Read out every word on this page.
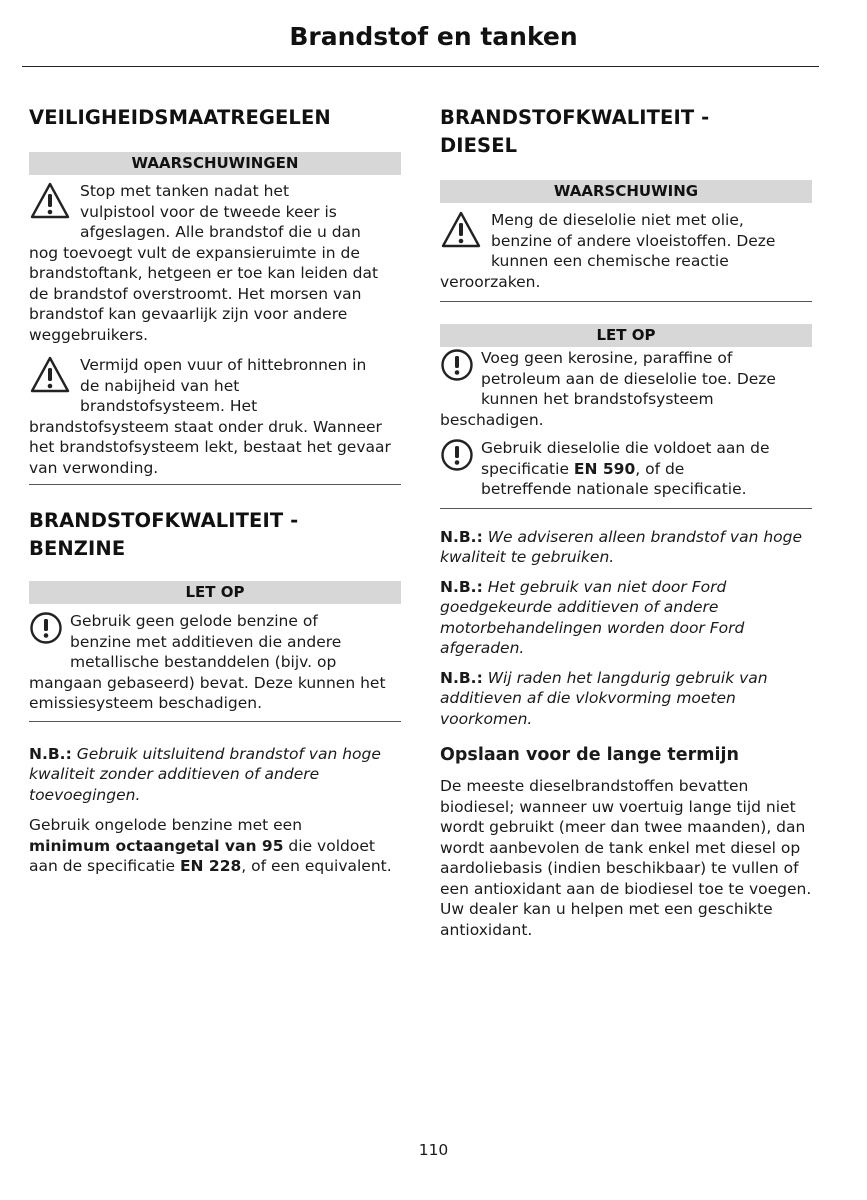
Brandstof en tanken
VEILIGHEIDSMAATREGELEN
WAARSCHUWINGEN

Stop met tanken nadat het

vulpistool voor de tweede keer is

afgeslagen. Alle brandstof die u dan

nog toevoegt vult de expansieruimte in de brandstoftank, hetgeen er toe kan leiden dat de brandstof overstroomt. Het morsen van brandstof kan gevaarlijk zijn voor andere weggebruikers.

Vermijd open vuur of hittebronnen in

de nabijheid van het

brandstofsysteem. Het

brandstofsysteem staat onder druk. Wanneer het brandstofsysteem lekt, bestaat het gevaar van verwonding.

BRANDSTOFKWALITEIT -
BENZINE
LET OP

Gebruik geen gelode benzine of

benzine met additieven die andere

metallische bestanddelen (bijv. op

mangaan gebaseerd) bevat. Deze kunnen het emissiesysteem beschadigen.

N.B.: Gebruik uitsluitend brandstof van hoge kwaliteit zonder additieven of andere toevoegingen.

Gebruik ongelode benzine met een
minimum octaangetal van 95 die voldoet aan de specificatie EN 228, of een equivalent.

BRANDSTOFKWALITEIT -
DIESEL
WAARSCHUWING

Meng de dieselolie niet met olie,

benzine of andere vloeistoffen. Deze

kunnen een chemische reactie

veroorzaken.

LET OP

Voeg geen kerosine, paraffine of

petroleum aan de dieselolie toe. Deze

kunnen het brandstofsysteem

beschadigen.

Gebruik dieselolie die voldoet aan de

specificatie EN 590, of de

betreffende nationale specificatie.

N.B.: We adviseren alleen brandstof van hoge kwaliteit te gebruiken.

N.B.: Het gebruik van niet door Ford goedgekeurde additieven of andere motorbehandelingen worden door Ford afgeraden.

N.B.: Wij raden het langdurig gebruik van additieven af die vlokvorming moeten voorkomen.

Opslaan voor de lange termijn

De meeste dieselbrandstoffen bevatten biodiesel; wanneer uw voertuig lange tijd niet wordt gebruikt (meer dan twee maanden), dan wordt aanbevolen de tank enkel met diesel op aardoliebasis (indien beschikbaar) te vullen of een antioxidant aan de biodiesel toe te voegen. Uw dealer kan u helpen met een geschikte antioxidant.

110
